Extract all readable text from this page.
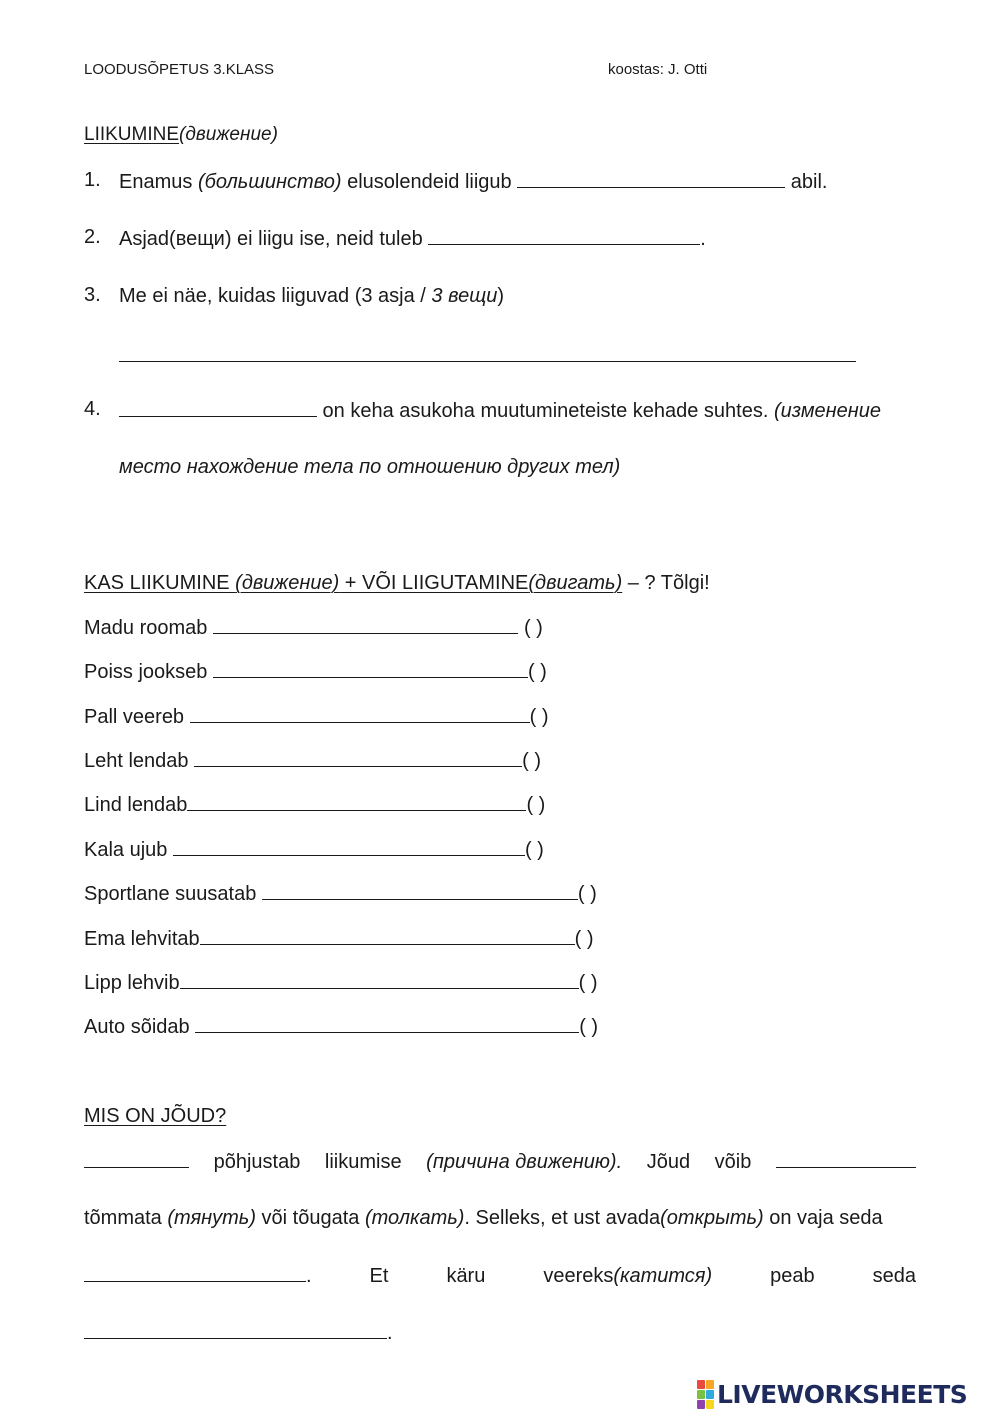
LOODUSÕPETUS 3.KLASS	koostas: J. Otti
LIIKUMINE(движение)
1. Enamus (большинство) elusolendeid liigub	abil.
2. Asjad(вещи) ei liigu ise, neid tuleb	.
3. Me ei näe, kuidas liiguvad (3 asja / 3 вещи)
4.	on keha asukoha muutumineteiste kehade suhtes. (изменение
место нахождение тела по отношению других тел)
KAS LIIKUMINE (движение) + VÕI LIIGUTAMINE(двигать) – ? Tõlgi!
Madu roomab	( )
Poiss jookseb	( )
Pall veereb	( )
Leht lendab	( )
Lind lendab	( )
Kala ujub	( )
Sportlane suusatab	( )
Ema lehvitab	( )
Lipp lehvib	( )
Auto sõidab	( )
MIS ON JÕUD?
põhjustab liikumise (причина движению). Jõud võib
tõmmata (тянуть) või tõugata (толкать). Selleks, et ust avada(открыть) on vaja seda
.	Et	käru	veereks(катится)	peab	seda
.
LIVEWORKSHEETS
